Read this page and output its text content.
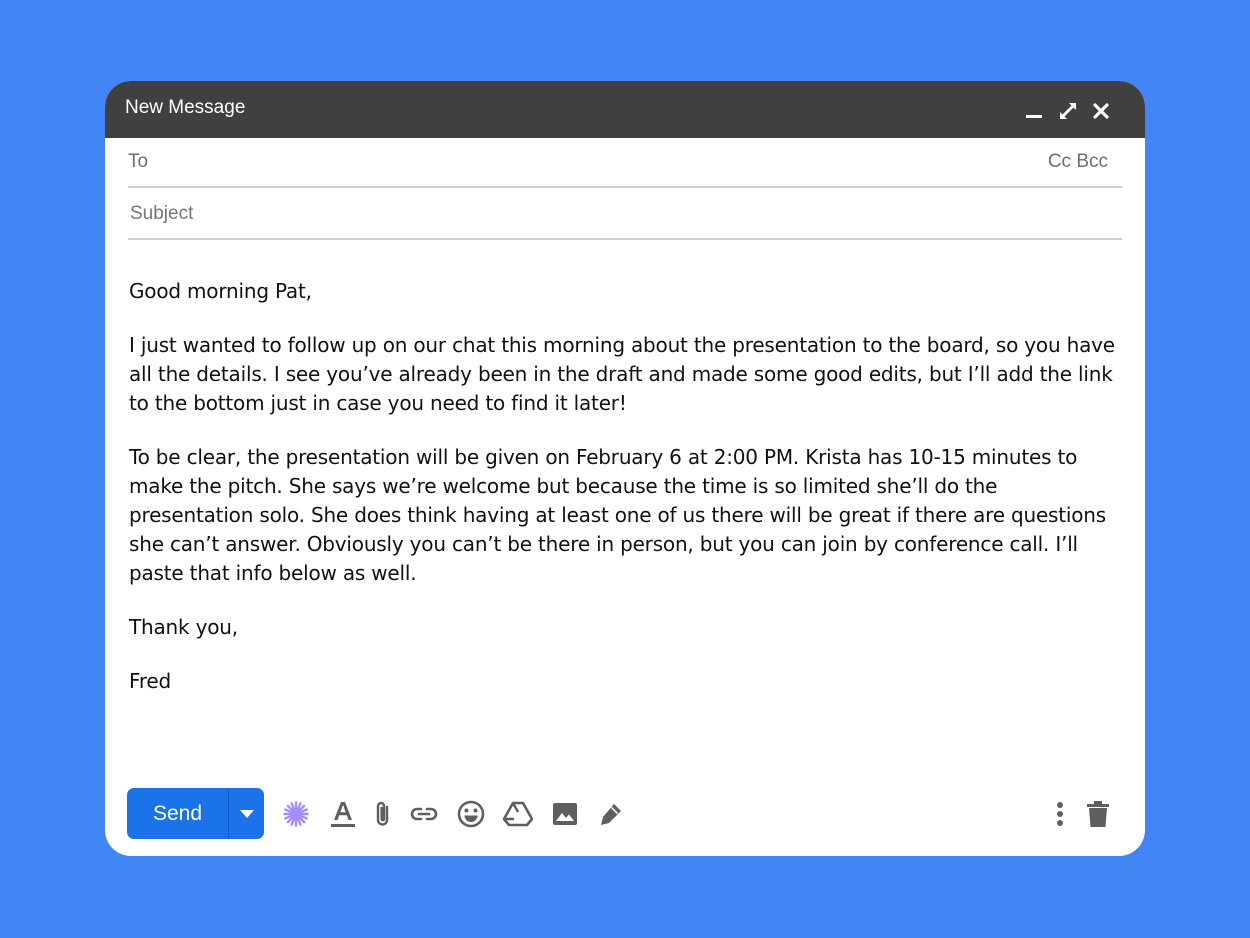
New Message
To	Cc Bcc
Subject

Good morning Pat,

I just wanted to follow up on our chat this morning about the presentation to the board, so you have all the details. I see you’ve already been in the draft and made some good edits, but I’ll add the link to the bottom just in case you need to find it later!

To be clear, the presentation will be given on February 6 at 2:00 PM. Krista has 10-15 minutes to make the pitch. She says we’re welcome but because the time is so limited she’ll do the presentation solo. She does think having at least one of us there will be great if there are questions she can’t answer. Obviously you can’t be there in person, but you can join by conference call. I’ll paste that info below as well.

Thank you,

Fred

Send
